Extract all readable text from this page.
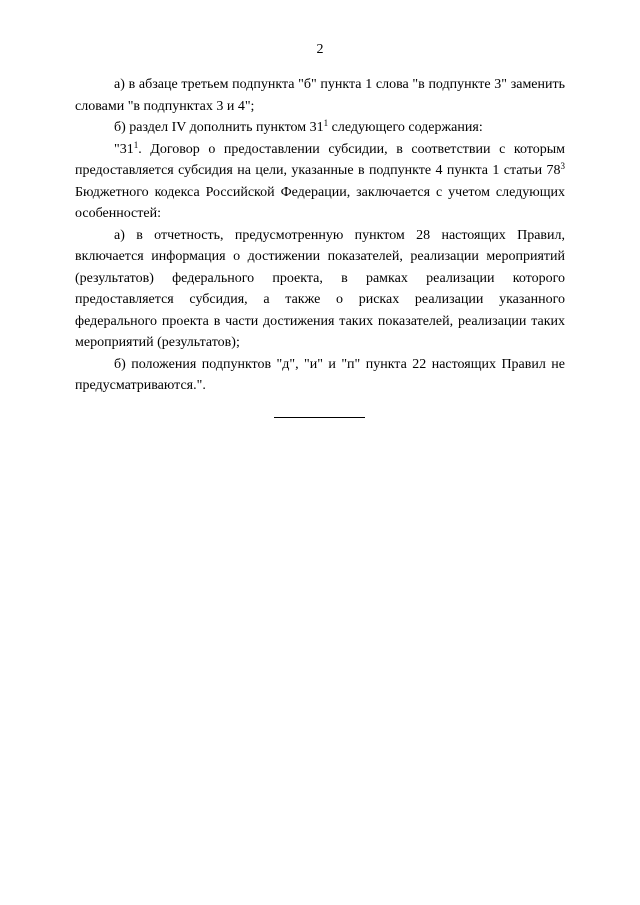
2

а) в абзаце третьем подпункта "б" пункта 1 слова "в подпункте 3" заменить словами "в подпунктах 3 и 4";

б) раздел IV дополнить пунктом $31^1$ следующего содержания:

"$31^1$. Договор о предоставлении субсидии, в соответствии с которым предоставляется субсидия на цели, указанные в подпункте 4 пункта 1 статьи $78^3$ Бюджетного кодекса Российской Федерации, заключается с учетом следующих особенностей:

а) в отчетность, предусмотренную пунктом 28 настоящих Правил, включается информация о достижении показателей, реализации мероприятий (результатов) федерального проекта, в рамках реализации которого предоставляется субсидия, а также о рисках реализации указанного федерального проекта в части достижения таких показателей, реализации таких мероприятий (результатов);

б) положения подпунктов "д", "и" и "п" пункта 22 настоящих Правил не предусматриваются.".
